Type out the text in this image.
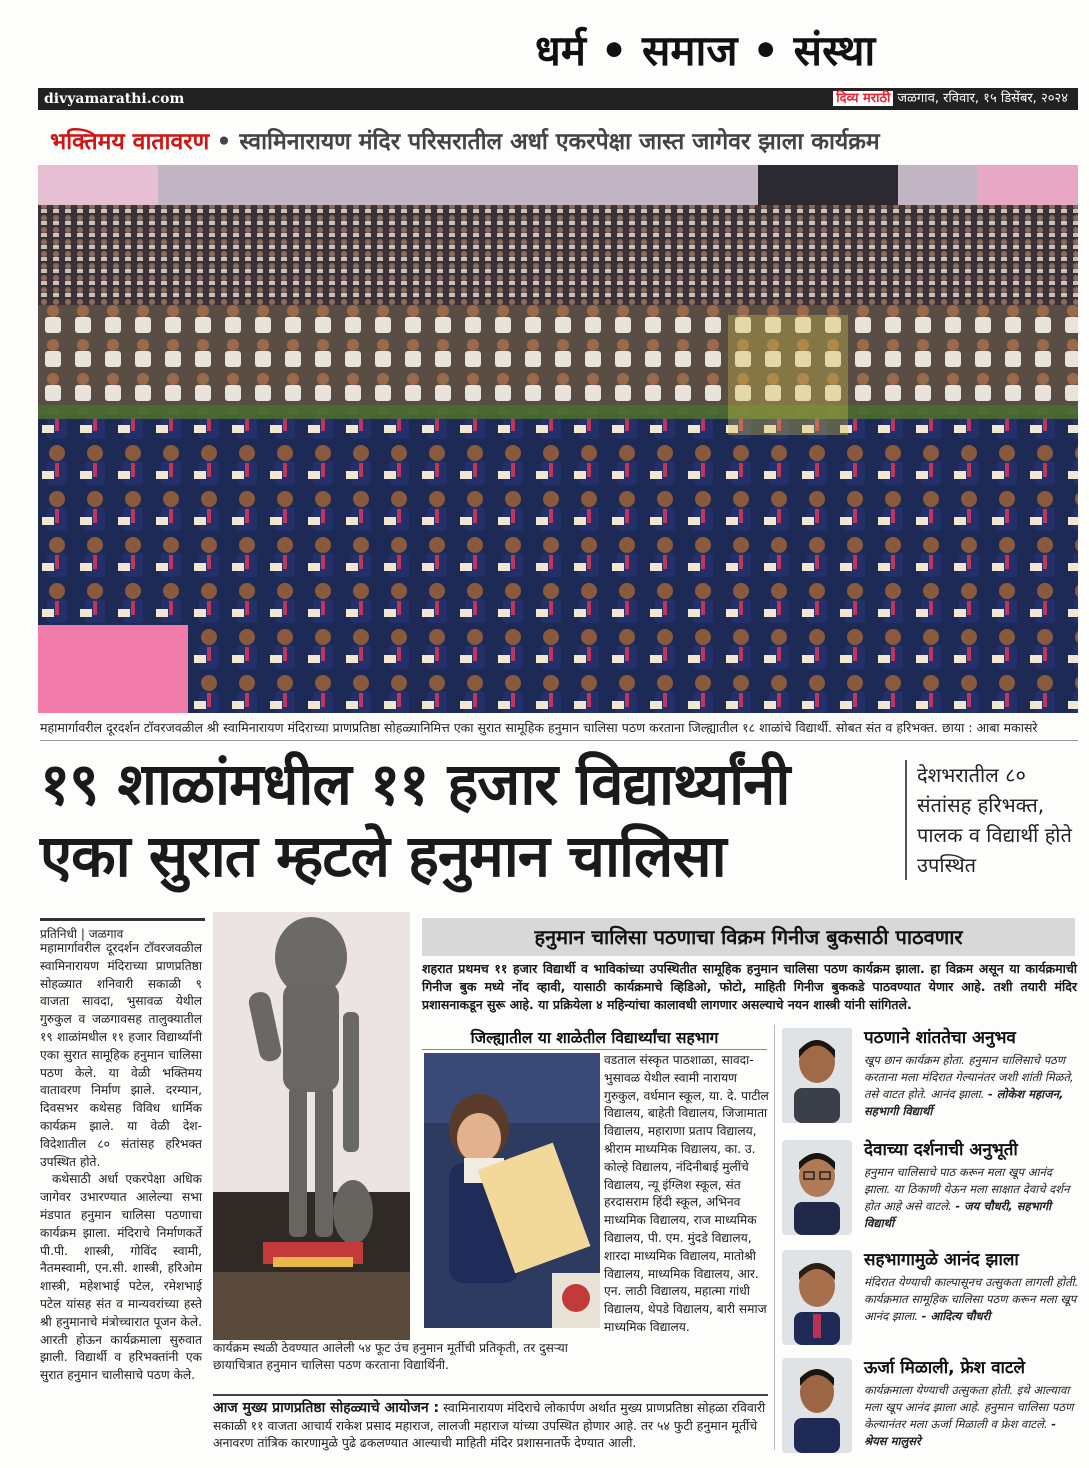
धर्म • समाज • संस्था
divyamarathi.com	दिव्य मराठी जळगाव, रविवार, १५ डिसेंबर, २०२४
भक्तिमय वातावरण • स्वामिनारायण मंदिर परिसरातील अर्धा एकरपेक्षा जास्त जागेवर झाला कार्यक्रम
महामार्गावरील दूरदर्शन टॉवरजवळील श्री स्वामिनारायण मंदिराच्या प्राणप्रतिष्ठा सोहळ्यानिमित्त एका सुरात सामूहिक हनुमान चालिसा पठण करताना जिल्ह्यातील १८ शाळांचे विद्यार्थी. सोबत संत व हरिभक्त. छाया : आबा मकासरे
१९ शाळांमधील ११ हजार विद्यार्थ्यांनी
एका सुरात म्हटले हनुमान चालिसा
देशभरातील ८० संतांसह हरिभक्त, पालक व विद्यार्थी होते उपस्थित
प्रतिनिधी | जळगाव

महामार्गावरील दूरदर्शन टॉवरजवळील स्वामिनारायण मंदिराच्या प्राणप्रतिष्ठा सोहळ्यात शनिवारी सकाळी ९ वाजता सावदा, भुसावळ येथील गुरुकुल व जळगावसह तालुक्यातील १९ शाळांमधील ११ हजार विद्यार्थ्यांनी एका सुरात सामूहिक हनुमान चालिसा पठण केले. या वेळी भक्तिमय वातावरण निर्माण झाले. दरम्यान, दिवसभर कथेसह विविध धार्मिक कार्यक्रम झाले. या वेळी देश-विदेशातील ८० संतांसह हरिभक्त उपस्थित होते.

कथेसाठी अर्धा एकरपेक्षा अधिक जागेवर उभारण्यात आलेल्या सभा मंडपात हनुमान चालिसा पठणाचा कार्यक्रम झाला. मंदिराचे निर्माणकर्ते पी.पी. शास्त्री, गोविंद स्वामी, नैतमस्वामी, एन.सी. शास्त्री, हरिओम शास्त्री, महेशभाई पटेल, रमेशभाई पटेल यांसह संत व मान्यवरांच्या हस्ते श्री हनुमानाचे मंत्रोच्चारात पूजन केले. आरती होऊन कार्यक्रमाला सुरुवात झाली. विद्यार्थी व हरिभक्तांनी एक सुरात हनुमान चालीसाचे पठण केले.

कार्यक्रम स्थळी ठेवण्यात आलेली ५४ फूट उंच हनुमान मूर्तीची प्रतिकृती, तर दुसऱ्या छायाचित्रात हनुमान चालिसा पठण करताना विद्यार्थिनी.
हनुमान चालिसा पठणाचा विक्रम गिनीज बुकसाठी पाठवणार
शहरात प्रथमच ११ हजार विद्यार्थी व भाविकांच्या उपस्थितीत सामूहिक हनुमान चालिसा पठण कार्यक्रम झाला. हा विक्रम असून या कार्यक्रमाची गिनीज बुक मध्ये नोंद व्हावी, यासाठी कार्यक्रमाचे व्हिडिओ, फोटो, माहिती गिनीज बुककडे पाठवण्यात येणार आहे. तशी तयारी मंदिर प्रशासनाकडून सुरू आहे. या प्रक्रियेला ४ महिन्यांचा कालावधी लागणार असल्याचे नयन शास्त्री यांनी सांगितले.
जिल्ह्यातील या शाळेतील विद्यार्थ्यांचा सहभाग
वडताल संस्कृत पाठशाळा, सावदा- भुसावळ येथील स्वामी नारायण गुरुकुल, वर्धमान स्कूल, या. दे. पाटील विद्यालय, बाहेती विद्यालय, जिजामाता विद्यालय, महाराणा प्रताप विद्यालय, श्रीराम माध्यमिक विद्यालय, का. उ. कोल्हे विद्यालय, नंदिनीबाई मुलींचे विद्यालय, न्यू इंग्लिश स्कूल, संत हरदासराम हिंदी स्कूल, अभिनव माध्यमिक विद्यालय, राज माध्यमिक विद्यालय, पी. एम. मुंदडे विद्यालय, शारदा माध्यमिक विद्यालय, मातोश्री विद्यालय, माध्यमिक विद्यालय, आर. एन. लाठी विद्यालय, महात्मा गांधी विद्यालय, थेपडे विद्यालय, बारी समाज माध्यमिक विद्यालय.
आज मुख्य प्राणप्रतिष्ठा सोहळ्याचे आयोजन : स्वामिनारायण मंदिराचे लोकार्पण अर्थात मुख्य प्राणप्रतिष्ठा सोहळा रविवारी सकाळी ११ वाजता आचार्य राकेश प्रसाद महाराज, लालजी महाराज यांच्या उपस्थित होणार आहे. तर ५४ फुटी हनुमान मूर्तीचे अनावरण तांत्रिक कारणामुळे पुढे ढकलण्यात आल्याची माहिती मंदिर प्रशासनातर्फे देण्यात आली.
पठणाने शांततेचा अनुभव
खूप छान कार्यक्रम होता. हनुमान चालिसाचे पठण करताना मला मंदिरात गेल्यानंतर जशी शांती मिळते, तसे वाटत होते. आनंद झाला. - लोकेश महाजन, सहभागी विद्यार्थी
देवाच्या दर्शनाची अनुभूती
हनुमान चालिसाचे पाठ करून मला खूप आनंद झाला. या ठिकाणी येऊन मला साक्षात देवाचे दर्शन होत आहे असे वाटले. - जय चौधरी, सहभागी विद्यार्थी
सहभागामुळे आनंद झाला
मंदिरात येण्याची काल्पासूनच उत्सुकता लागली होती. कार्यक्रमात सामूहिक चालिसा पठण करून मला खूप आनंद झाला. - आदित्य चौधरी
ऊर्जा मिळाली, फ्रेश वाटले
कार्यक्रमाला येण्याची उत्सुकता होती. इथे आल्यावा मला खूप आनंद झाला आहे. हनुमान चालिसा पठण केल्यानंतर मला ऊर्जा मिळाली व फ्रेश वाटले. - श्रेयस मालुसरे
